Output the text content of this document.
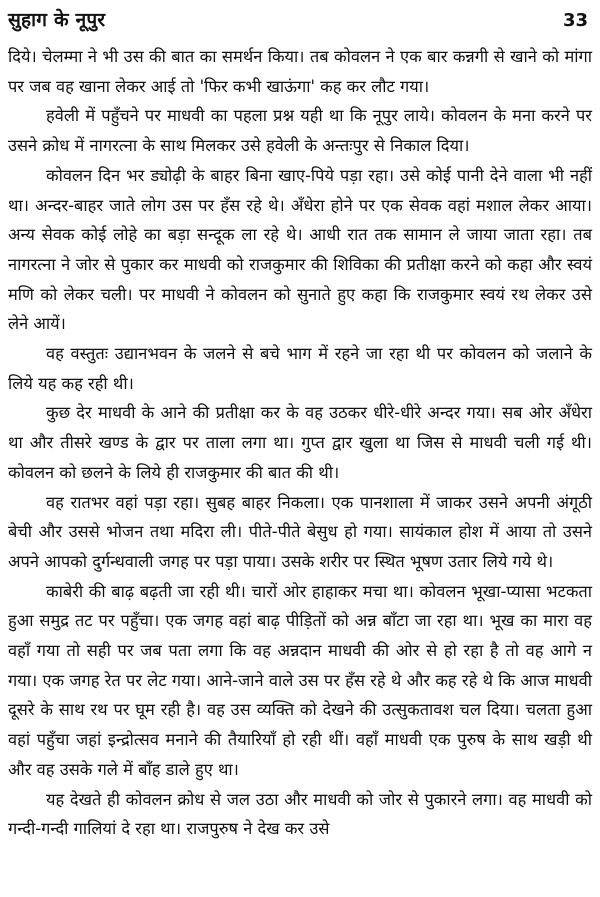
सुहाग के नूपुर	33

दिये। चेलम्मा ने भी उस की बात का समर्थन किया। तब कोवलन ने एक बार कन्नगी से खाने को मांगा पर जब वह खाना लेकर आई तो 'फिर कभी खाऊंगा' कह कर लौट गया।

हवेली में पहुँचने पर माधवी का पहला प्रश्न यही था कि नूपुर लाये। कोवलन के मना करने पर उसने क्रोध में नागरत्ना के साथ मिलकर उसे हवेली के अन्तःपुर से निकाल दिया।

कोवलन दिन भर ड्योढ़ी के बाहर बिना खाए-पिये पड़ा रहा। उसे कोई पानी देने वाला भी नहीं था। अन्दर-बाहर जाते लोग उस पर हँस रहे थे। अँधेरा होने पर एक सेवक वहां मशाल लेकर आया। अन्य सेवक कोई लोहे का बड़ा सन्दूक ला रहे थे। आधी रात तक सामान ले जाया जाता रहा। तब नागरत्ना ने जोर से पुकार कर माधवी को राजकुमार की शिविका की प्रतीक्षा करने को कहा और स्वयं मणि को लेकर चली। पर माधवी ने कोवलन को सुनाते हुए कहा कि राजकुमार स्वयं रथ लेकर उसे लेने आयें।

वह वस्तुतः उद्यानभवन के जलने से बचे भाग में रहने जा रहा थी पर कोवलन को जलाने के लिये यह कह रही थी।

कुछ देर माधवी के आने की प्रतीक्षा कर के वह उठकर धीरे-धीरे अन्दर गया। सब ओर अँधेरा था और तीसरे खण्ड के द्वार पर ताला लगा था। गुप्त द्वार खुला था जिस से माधवी चली गई थी। कोवलन को छलने के लिये ही राजकुमार की बात की थी।

वह रातभर वहां पड़ा रहा। सुबह बाहर निकला। एक पानशाला में जाकर उसने अपनी अंगूठी बेची और उससे भोजन तथा मदिरा ली। पीते-पीते बेसुध हो गया। सायंकाल होश में आया तो उसने अपने आपको दुर्गन्धवाली जगह पर पड़ा पाया। उसके शरीर पर स्थित भूषण उतार लिये गये थे।

काबेरी की बाढ़ बढ़ती जा रही थी। चारों ओर हाहाकर मचा था। कोवलन भूखा-प्यासा भटकता हुआ समुद्र तट पर पहुँचा। एक जगह वहां बाढ़ पीड़ितों को अन्न बाँटा जा रहा था। भूख का मारा वह वहाँ गया तो सही पर जब पता लगा कि वह अन्नदान माधवी की ओर से हो रहा है तो वह आगे न गया। एक जगह रेत पर लेट गया। आने-जाने वाले उस पर हँस रहे थे और कह रहे थे कि आज माधवी दूसरे के साथ रथ पर घूम रही है। वह उस व्यक्ति को देखने की उत्सुकतावश चल दिया। चलता हुआ वहां पहुँचा जहां इन्द्रोत्सव मनाने की तैयारियाँ हो रही थीं। वहाँ माधवी एक पुरुष के साथ खड़ी थी और वह उसके गले में बाँह डाले हुए था।

यह देखते ही कोवलन क्रोध से जल उठा और माधवी को जोर से पुकारने लगा। वह माधवी को गन्दी-गन्दी गालियां दे रहा था। राजपुरुष ने देख कर उसे
